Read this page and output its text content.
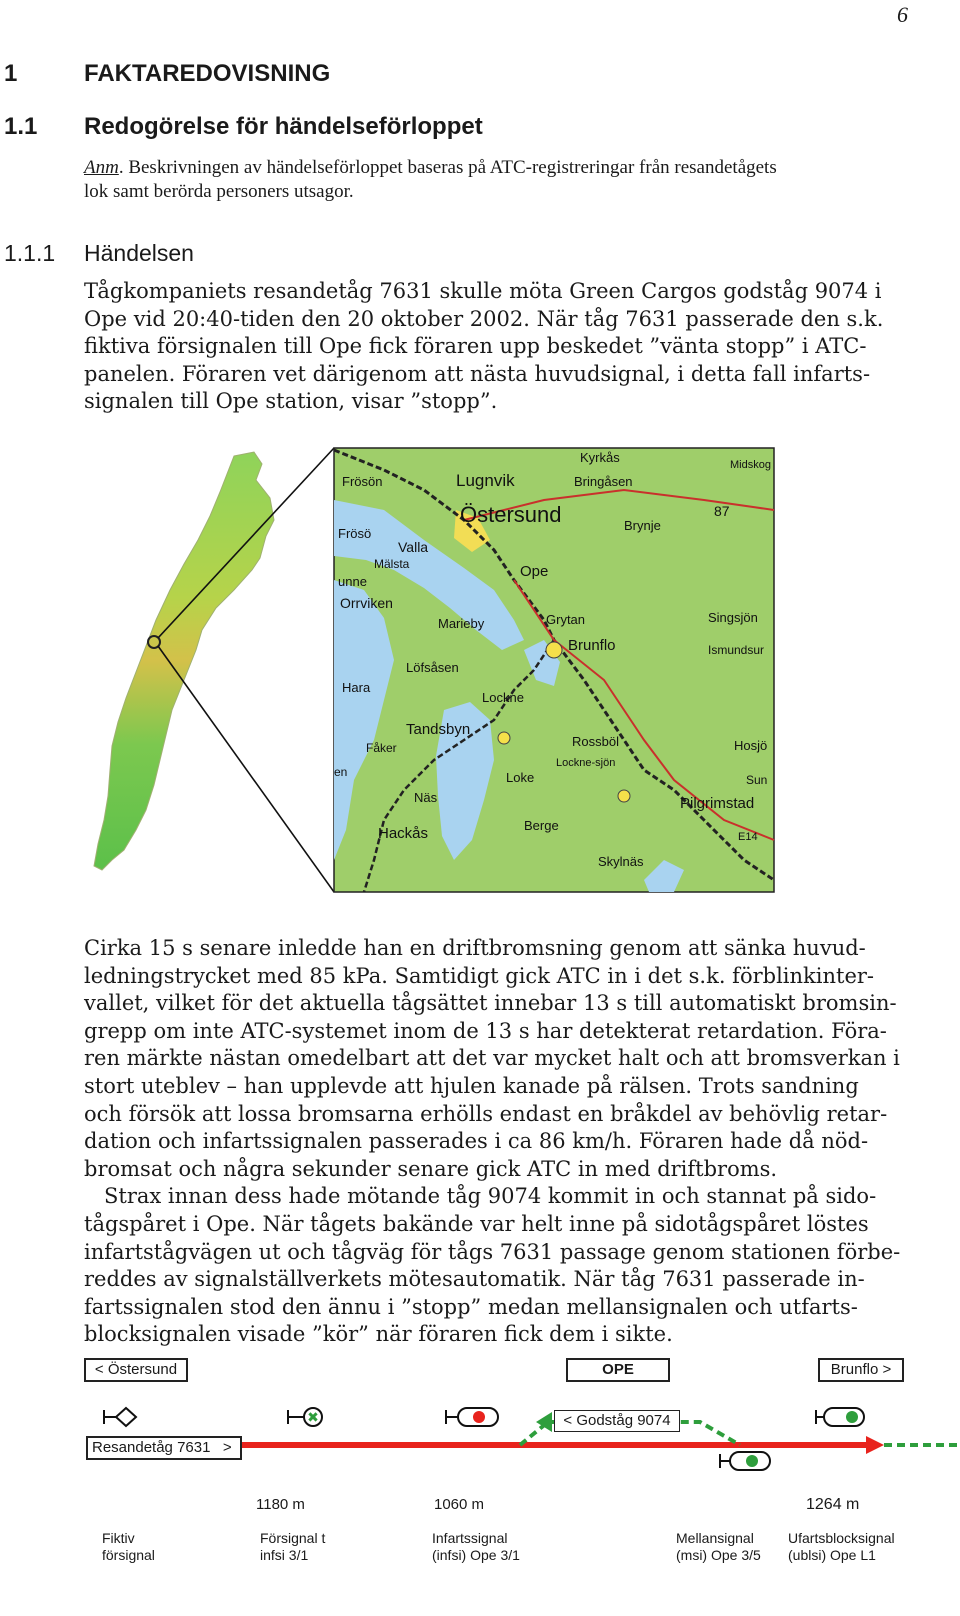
6
1	FAKTAREDOVISNING
1.1 Redogörelse för händelseförloppet
Anm. Beskrivningen av händelseförloppet baseras på ATC-registreringar från resandetågets
lok samt berörda personers utsagor.
1.1.1 Händelsen
Tågkompaniets resandetåg 7631 skulle möta Green Cargos godståg 9074 i
Ope vid 20:40-tiden den 20 oktober 2002. När tåg 7631 passerade den s.k.
fiktiva försignalen till Ope fick föraren upp beskedet ”vänta stopp” i ATC-
panelen. Föraren vet därigenom att nästa huvudsignal, i detta fall infarts-
signalen till Ope station, visar ”stopp”.
Kyrkås
Bringåsen
Frösön	Lugnvik
Östersund	Brynje
87
Frösö
Valla
Mälsta
unne
Ope
Orrviken
Marieby	Grytan	Singsjön
Brunflo	Ismundsur
Löfsåsen
Hara
Lockne
Tandsbyn
Rossböl	Hosjö
Fåker
Lockne-sjön
Loke	Sun
en
Pilgrimstad
Näs
Berge
E14
Hackås
Skylnäs
Midskog
Cirka 15 s senare inledde han en driftbromsning genom att sänka huvud-
ledningstrycket med 85 kPa. Samtidigt gick ATC in i det s.k. förblinkinter-
vallet, vilket för det aktuella tågsättet innebar 13 s till automatiskt bromsin-
grepp om inte ATC-systemet inom de 13 s har detekterat retardation. Föra-
ren märkte nästan omedelbart att det var mycket halt och att bromsverkan i
stort uteblev – han upplevde att hjulen kanade på rälsen. Trots sandning
och försök att lossa bromsarna erhölls endast en bråkdel av behövlig retar-
dation och infartssignalen passerades i ca 86 km/h. Föraren hade då nöd-
bromsat och några sekunder senare gick ATC in med driftbroms.
Strax innan dess hade mötande tåg 9074 kommit in och stannat på sido-
tågspåret i Ope. När tågets bakände var helt inne på sidotågspåret löstes
infartstågvägen ut och tågväg för tågs 7631 passage genom stationen förbe-
reddes av signalställverkets mötesautomatik. När tåg 7631 passerade in-
fartssignalen stod den ännu i ”stopp” medan mellansignalen och utfarts-
blocksignalen visade ”kör” när föraren fick dem i sikte.
< Östersund	OPE	Brunflo >
✖	< Godståg 9074
Resandetåg 7631   >
1180 m	1060 m	1264 m
Fiktiv
försignal
Försignal t
infsi 3/1
Infartssignal
(infsi) Ope 3/1
Mellansignal
(msi) Ope 3/5
Ufartsblocksignal
(ublsi) Ope L1
